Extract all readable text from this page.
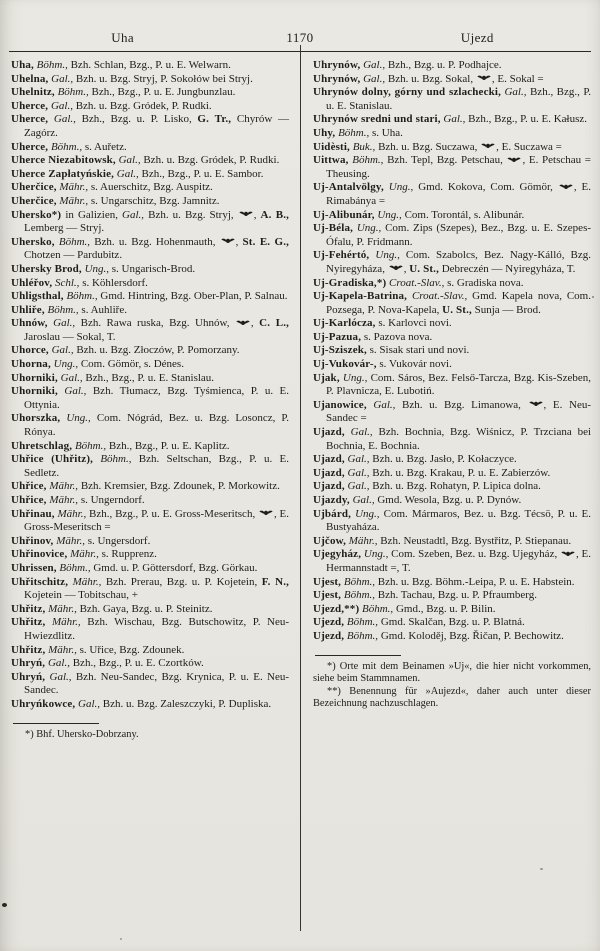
Uha	1170	Ujezd

Uha, Böhm., Bzh. Schlan, Bzg., P. u. E. Welwarn.

Uhelna, Gal., Bzh. u. Bzg. Stryj, P. Sokołów bei Stryj.

Uhelnitz, Böhm., Bzh., Bzg., P. u. E. Jungbunzlau.

Uherce, Gal., Bzh. u. Bzg. Gródek, P. Rudki.

Uherce, Gal., Bzh., Bzg. u. P. Lisko, G. Tr., Chyrów — Zagórz.

Uherce, Böhm., s. Auřetz.

Uherce Niezabitowsk, Gal., Bzh. u. Bzg. Gródek, P. Rudki.

Uherce Zapłatyńskie, Gal., Bzh., Bzg., P. u. E. Sambor.

Uherčice, Mähr., s. Auerschitz, Bzg. Auspitz.

Uherčice, Mähr., s. Ungarschitz, Bzg. Jamnitz.

Uhersko*) in Galizien, Gal., Bzh. u. Bzg. Stryj, , A. B., Lemberg — Stryj.

Uhersko, Böhm., Bzh. u. Bzg. Hohenmauth, , St. E. G., Chotzen — Pardubitz.

Uhersky Brod, Ung., s. Ungarisch-Brod.

Uhléřov, Schl., s. Köhlersdorf.

Uhligsthal, Böhm., Gmd. Hintring, Bzg. Ober-Plan, P. Salnau.

Uhliře, Böhm., s. Auhliře.

Uhnów, Gal., Bzh. Rawa ruska, Bzg. Uhnów, , C. L., Jaroslau — Sokal, T.

Uhorce, Gal., Bzh. u. Bzg. Złoczów, P. Pomorzany.

Uhorna, Ung., Com. Gömör, s. Dénes.

Uhorniki, Gal., Bzh., Bzg., P. u. E. Stanislau.

Uhorniki, Gal., Bzh. Tłumacz, Bzg. Tyśmienca, P. u. E. Ottynia.

Uhorszka, Ung., Com. Nógrád, Bez. u. Bzg. Losoncz, P. Rónya.

Uhretschlag, Böhm., Bzh., Bzg., P. u. E. Kaplitz.

Uhřice (Uhřitz), Böhm., Bzh. Seltschan, Bzg., P. u. E. Sedletz.

Uhřice, Mähr., Bzh. Kremsier, Bzg. Zdounek, P. Morkowitz.

Uhřice, Mähr., s. Ungerndorf.

Uhřinau, Mähr., Bzh., Bzg., P. u. E. Gross-Meseritsch, , E. Gross-Meseritsch =

Uhřinov, Mähr., s. Ungersdorf.

Uhřinovice, Mähr., s. Rupprenz.

Uhrissen, Böhm., Gmd. u. P. Göttersdorf, Bzg. Görkau.

Uhřitschitz, Mähr., Bzh. Prerau, Bzg. u. P. Kojetein, F. N., Kojetein — Tobitschau, +

Uhřitz, Mähr., Bzh. Gaya, Bzg. u. P. Steinitz.

Uhřitz, Mähr., Bzh. Wischau, Bzg. Butschowitz, P. Neu-Hwiezdlitz.

Uhřitz, Mähr., s. Uřice, Bzg. Zdounek.

Uhryń, Gal., Bzh., Bzg., P. u. E. Czortków.

Uhryń, Gal., Bzh. Neu-Sandec, Bzg. Krynica, P. u. E. Neu-Sandec.

Uhryńkowce, Gal., Bzh. u. Bzg. Zaleszczyki, P. Dupliska.

*) Bhf. Uhersko-Dobrzany.

Uhrynów, Gal., Bzh., Bzg. u. P. Podhajce.

Uhrynów, Gal., Bzh. u. Bzg. Sokal, , E. Sokal =

Uhrynów dolny, górny und szlachecki, Gal., Bzh., Bzg., P. u. E. Stanislau.

Uhrynów sredni und stari, Gal., Bzh., Bzg., P. u. E. Kałusz.

Uhy, Böhm., s. Uha.

Uidèsti, Buk., Bzh. u. Bzg. Suczawa, , E. Suczawa =

Uittwa, Böhm., Bzh. Tepl, Bzg. Petschau, , E. Petschau = Theusing.

Uj-Antalvölgy, Ung., Gmd. Kokova, Com. Gömör, , E. Rimabánya =

Uj-Alibunár, Ung., Com. Torontál, s. Alibunár.

Uj-Béla, Ung., Com. Zips (Szepes), Bez., Bzg. u. E. Szepes-Ófalu, P. Fridmann.

Uj-Fehértó, Ung., Com. Szabolcs, Bez. Nagy-Kálló, Bzg. Nyiregyháza, , U. St., Debreczén — Nyiregyháza, T.

Uj-Gradiska,*) Croat.-Slav., s. Gradiska nova.

Uj-Kapela-Batrina, Croat.-Slav., Gmd. Kapela nova, Com. Pozsega, P. Nova-Kapela, U. St., Sunja — Brod.

Uj-Karlócza, s. Karlovci novi.

Uj-Pazua, s. Pazova nova.

Uj-Sziszek, s. Sisak stari und novi.

Uj-Vukovár-, s. Vukovár novi.

Ujak, Ung., Com. Sáros, Bez. Felső-Tarcza, Bzg. Kis-Szeben, P. Plavnicza, E. Lubotiń.

Ujanowice, Gal., Bzh. u. Bzg. Limanowa, , E. Neu-Sandec =

Ujazd, Gal., Bzh. Bochnia, Bzg. Wiśnicz, P. Trzciana bei Bochnia, E. Bochnia.

Ujazd, Gal., Bzh. u. Bzg. Jasło, P. Kołaczyce.

Ujazd, Gal., Bzh. u. Bzg. Krakau, P. u. E. Zabierzów.

Ujazd, Gal., Bzh. u. Bzg. Rohatyn, P. Lipica dolna.

Ujazdy, Gal., Gmd. Wesola, Bzg. u. P. Dynów.

Ujbárd, Ung., Com. Mármaros, Bez. u. Bzg. Técsö, P. u. E. Bustyaháza.

Ujčow, Mähr., Bzh. Neustadtl, Bzg. Bystřitz, P. Stiepanau.

Ujegyház, Ung., Com. Szeben, Bez. u. Bzg. Ujegyház, , E. Hermannstadt =, T.

Ujest, Böhm., Bzh. u. Bzg. Böhm.-Leipa, P. u. E. Habstein.

Ujest, Böhm., Bzh. Tachau, Bzg. u. P. Pfraumberg.

Ujezd,**) Böhm., Gmd., Bzg. u. P. Bilin.

Ujezd, Böhm., Gmd. Skalčan, Bzg. u. P. Blatná.

Ujezd, Böhm., Gmd. Koloděj, Bzg. Řičan, P. Bechowitz.

*) Orte mit dem Beinamen »Uj«, die hier nicht vorkommen, siehe beim Stammnamen.

**) Benennung für »Aujezd«, daher auch unter dieser Bezeichnung nachzuschlagen.
